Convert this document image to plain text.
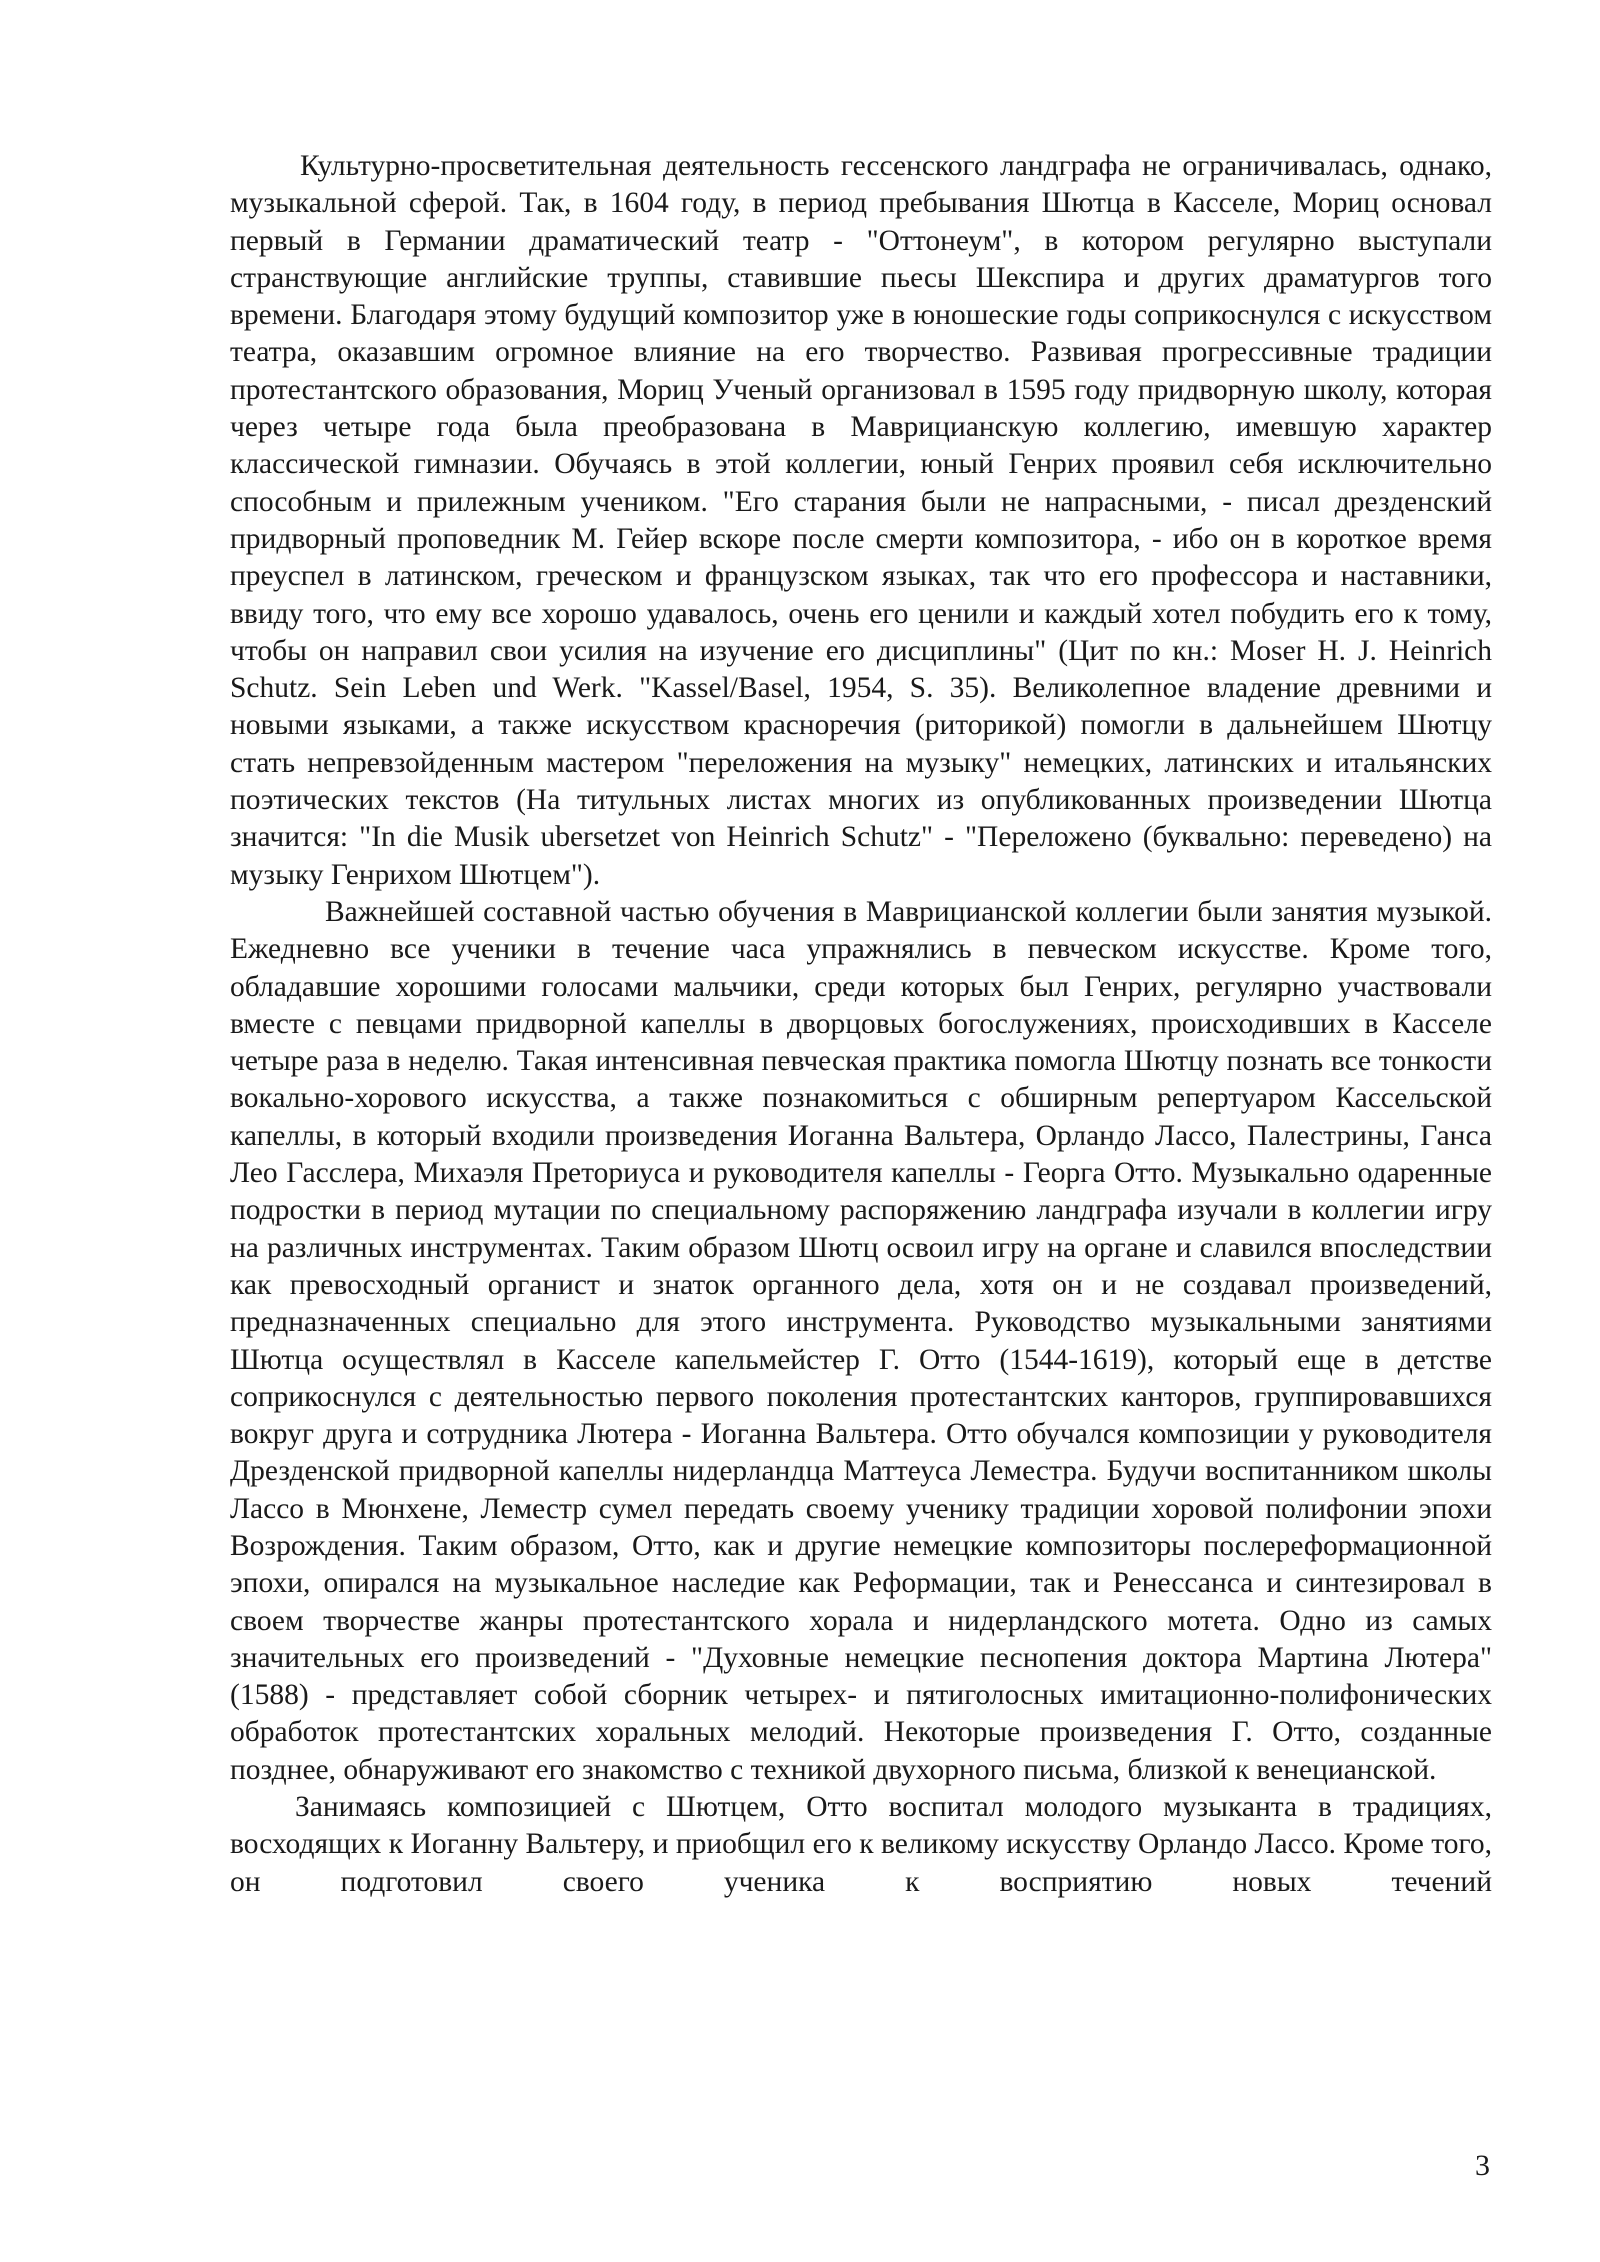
Культурно-просветительная деятельность гессенского ландграфа не ограничивалась, однако, музыкальной сферой. Так, в 1604 году, в период пребывания Шютца в Касселе, Мориц основал первый в Германии драматический театр - "Оттонеум", в котором регулярно выступали странствующие английские труппы, ставившие пьесы Шекспира и других драматургов того времени. Благодаря этому будущий композитор уже в юношеские годы соприкоснулся с искусством театра, оказавшим огромное влияние на его творчество. Развивая прогрессивные традиции протестантского образования, Мориц Ученый организовал в 1595 году придворную школу, которая через четыре года была преобразована в Маврицианскую коллегию, имевшую характер классической гимназии. Обучаясь в этой коллегии, юный Генрих проявил себя исключительно способным и прилежным учеником. "Его старания были не напрасными, - писал дрезденский придворный проповедник М. Гейер вскоре после смерти композитора, - ибо он в короткое время преуспел в латинском, греческом и французском языках, так что его профессора и наставники, ввиду того, что ему все хорошо удавалось, очень его ценили и каждый хотел побудить его к тому, чтобы он направил свои усилия на изучение его дисциплины" (Цит по кн.: Moser H. J. Heinrich Schutz. Sein Leben und Werk. "Kassel/Basel, 1954, S. 35). Великолепное владение древними и новыми языками, а также искусством красноречия (риторикой) помогли в дальнейшем Шютцу стать непревзойденным мастером "переложения на музыку" немецких, латинских и итальянских поэтических текстов (На титульных листах многих из опубликованных произведении Шютца значится: "In die Musik ubersetzet von Heinrich Schutz" - "Переложено (буквально: переведено) на музыку Генрихом Шютцем").

Важнейшей составной частью обучения в Маврицианской коллегии были занятия музыкой. Ежедневно все ученики в течение часа упражнялись в певческом искусстве. Кроме того, обладавшие хорошими голосами мальчики, среди которых был Генрих, регулярно участвовали вместе с певцами придворной капеллы в дворцовых богослужениях, происходивших в Касселе четыре раза в неделю. Такая интенсивная певческая практика помогла Шютцу познать все тонкости вокально-хорового искусства, а также познакомиться с обширным репертуаром Кассельской капеллы, в который входили произведения Иоганна Вальтера, Орландо Лассо, Палестрины, Ганса Лео Гасслера, Михаэля Преториуса и руководителя капеллы - Георга Отто. Музыкально одаренные подростки в период мутации по специальному распоряжению ландграфа изучали в коллегии игру на различных инструментах. Таким образом Шютц освоил игру на органе и славился впоследствии как превосходный органист и знаток органного дела, хотя он и не создавал произведений, предназначенных специально для этого инструмента. Руководство музыкальными занятиями Шютца осуществлял в Касселе капельмейстер Г. Отто (1544-1619), который еще в детстве соприкоснулся с деятельностью первого поколения протестантских канторов, группировавшихся вокруг друга и сотрудника Лютера - Иоганна Вальтера. Отто обучался композиции у руководителя Дрезденской придворной капеллы нидерландца Маттеуса Леместра. Будучи воспитанником школы Лассо в Мюнхене, Леместр сумел передать своему ученику традиции хоровой полифонии эпохи Возрождения. Таким образом, Отто, как и другие немецкие композиторы послереформационной эпохи, опирался на музыкальное наследие как Реформации, так и Ренессанса и синтезировал в своем творчестве жанры протестантского хорала и нидерландского мотета. Одно из самых значительных его произведений - "Духовные немецкие песнопения доктора Мартина Лютера" (1588) - представляет собой сборник четырех- и пятиголосных имитационно-полифонических обработок протестантских хоральных мелодий. Некоторые произведения Г. Отто, созданные позднее, обнаруживают его знакомство с техникой двухорного письма, близкой к венецианской.

Занимаясь композицией с Шютцем, Отто воспитал молодого музыканта в традициях, восходящих к Иоганну Вальтеру, и приобщил его к великому искусству Орландо Лассо. Кроме того, он подготовил своего ученика к восприятию новых течений

3
